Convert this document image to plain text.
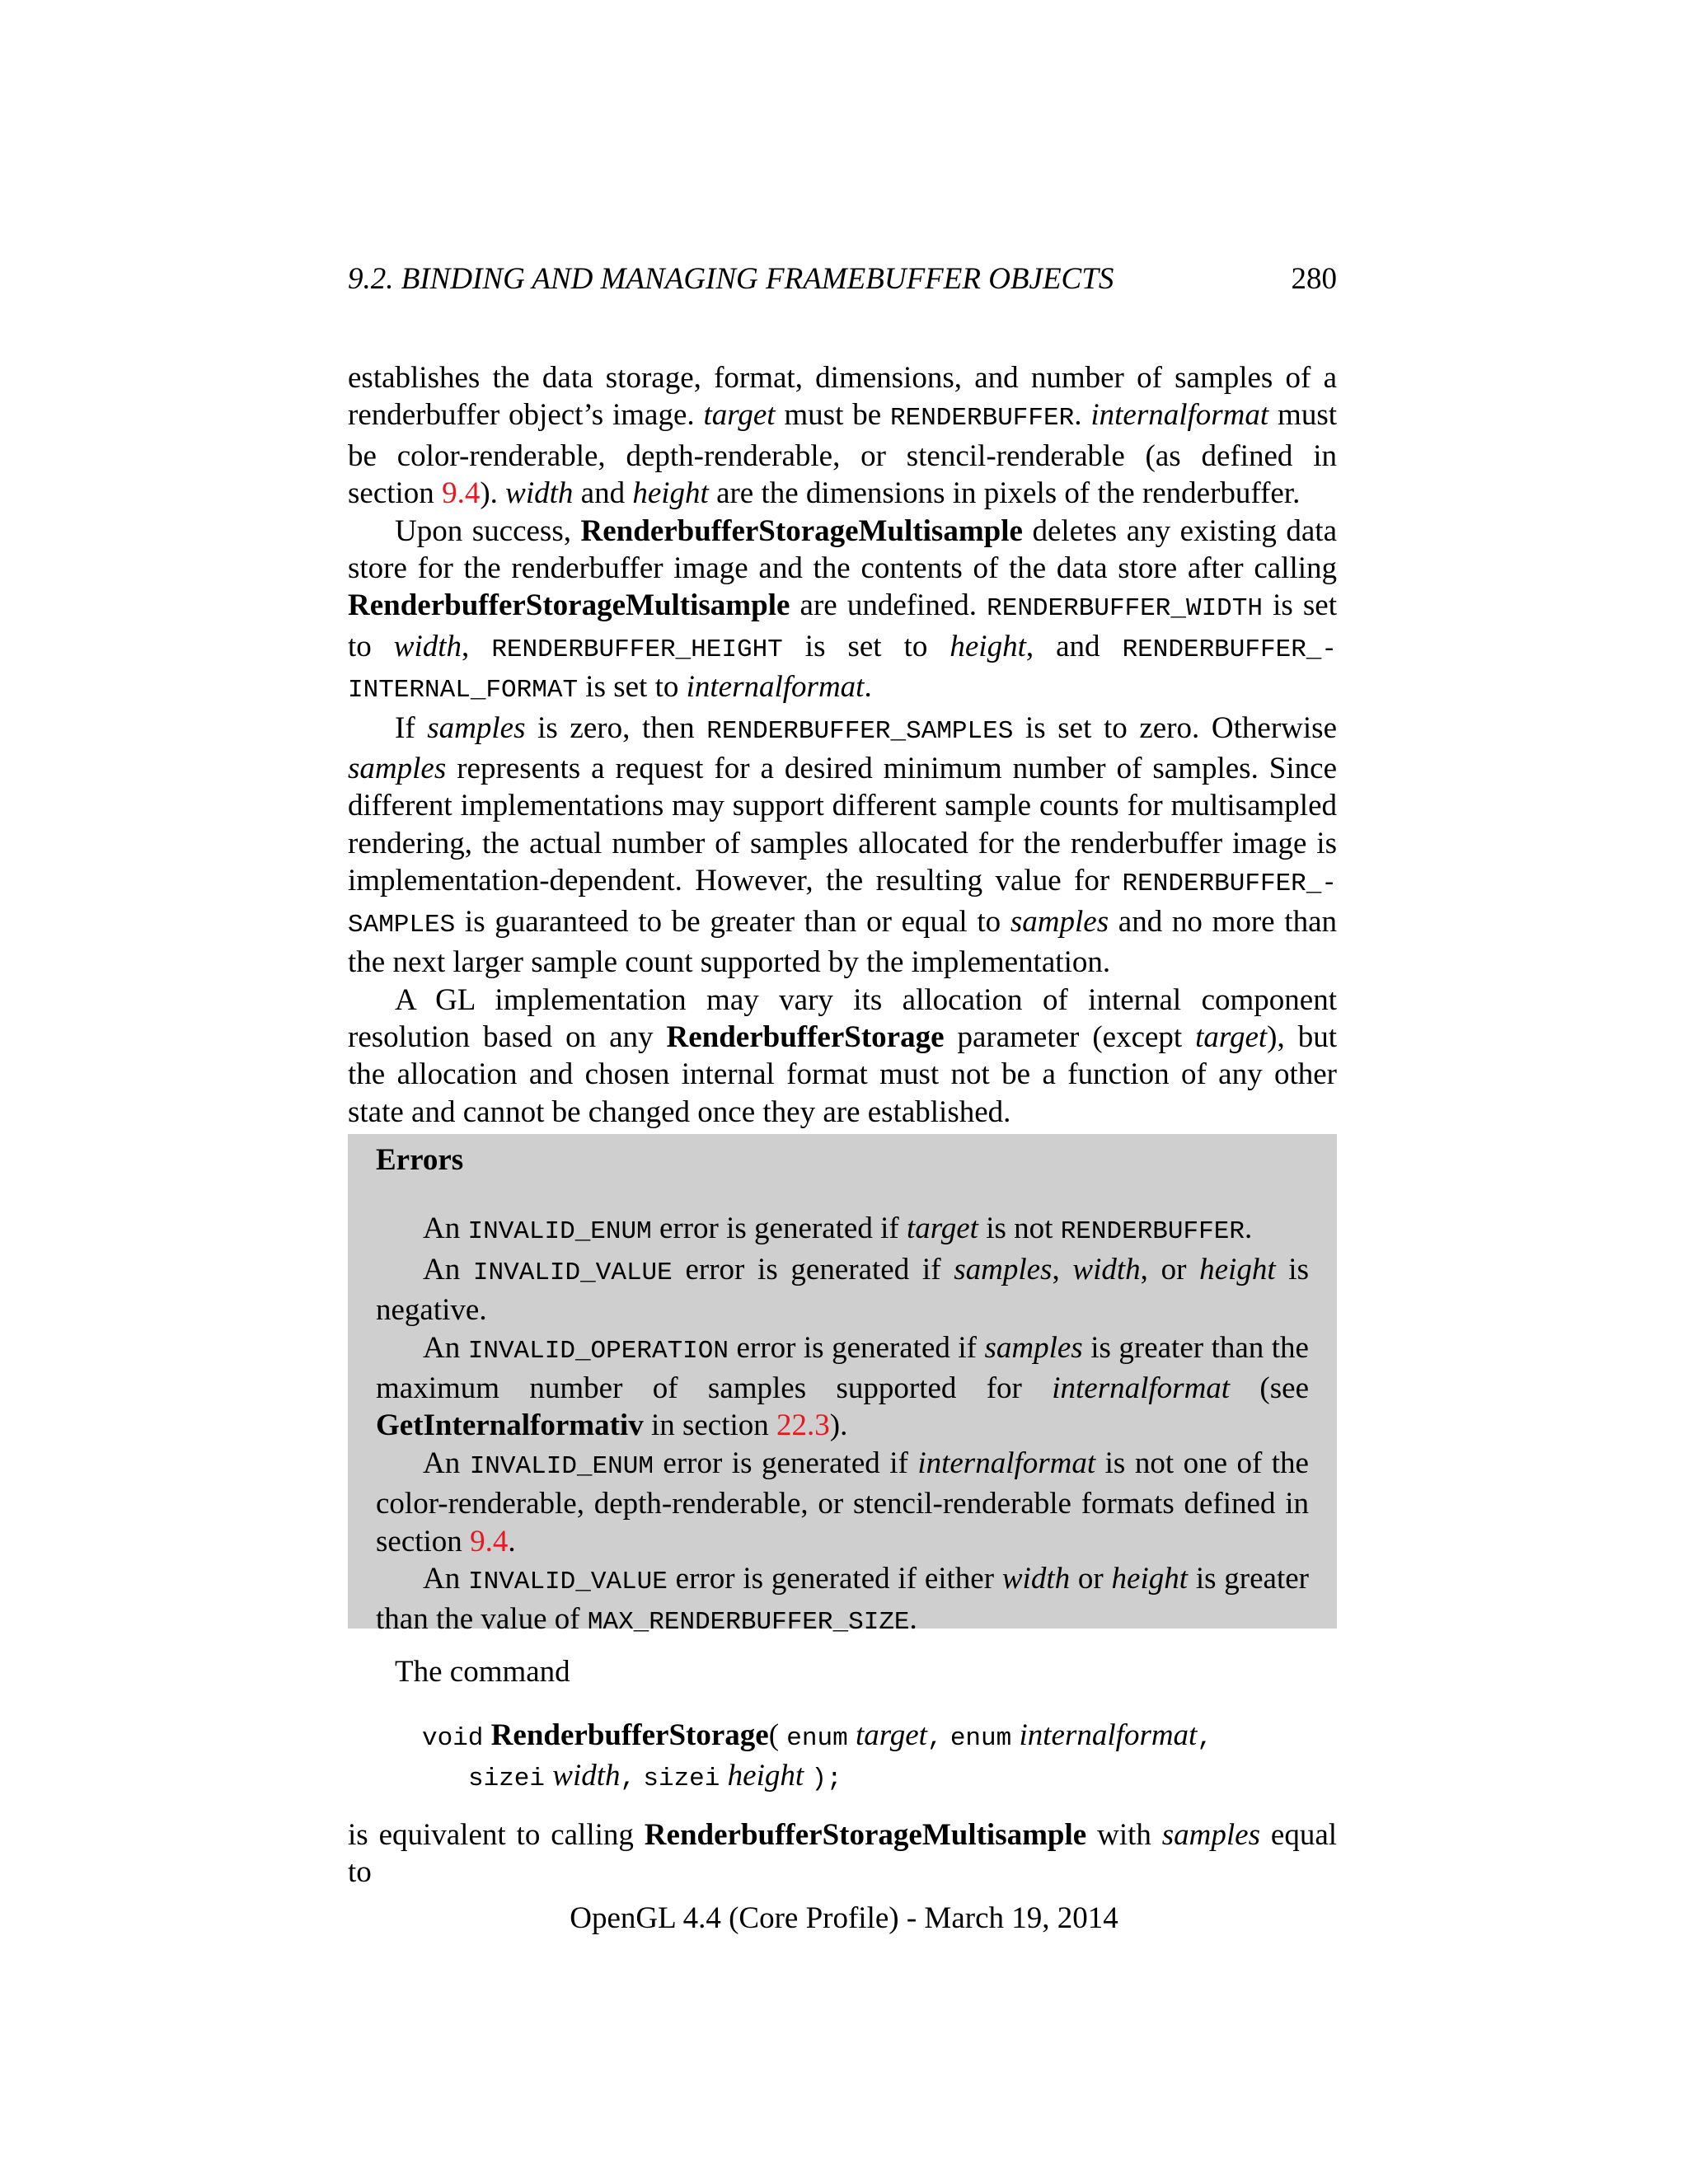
9.2. BINDING AND MANAGING FRAMEBUFFER OBJECTS	280

establishes the data storage, format, dimensions, and number of samples of a renderbuffer object’s image. target must be RENDERBUFFER. internalformat must be color-renderable, depth-renderable, or stencil-renderable (as defined in section 9.4). width and height are the dimensions in pixels of the renderbuffer.

Upon success, RenderbufferStorageMultisample deletes any existing data store for the renderbuffer image and the contents of the data store after calling RenderbufferStorageMultisample are undefined. RENDERBUFFER_WIDTH is set to width, RENDERBUFFER_HEIGHT is set to height, and RENDERBUFFER_-INTERNAL_FORMAT is set to internalformat.

If samples is zero, then RENDERBUFFER_SAMPLES is set to zero. Otherwise samples represents a request for a desired minimum number of samples. Since different implementations may support different sample counts for multisampled rendering, the actual number of samples allocated for the renderbuffer image is implementation-dependent. However, the resulting value for RENDERBUFFER_-SAMPLES is guaranteed to be greater than or equal to samples and no more than the next larger sample count supported by the implementation.

A GL implementation may vary its allocation of internal component resolution based on any RenderbufferStorage parameter (except target), but the allocation and chosen internal format must not be a function of any other state and cannot be changed once they are established.

Errors

An INVALID_ENUM error is generated if target is not RENDERBUFFER.

An INVALID_VALUE error is generated if samples, width, or height is negative.

An INVALID_OPERATION error is generated if samples is greater than the maximum number of samples supported for internalformat (see GetInternalformativ in section 22.3).

An INVALID_ENUM error is generated if internalformat is not one of the color-renderable, depth-renderable, or stencil-renderable formats defined in section 9.4.

An INVALID_VALUE error is generated if either width or height is greater than the value of MAX_RENDERBUFFER_SIZE.

The command
void RenderbufferStorage( enum target, enum internalformat,
sizei width, sizei height );
is equivalent to calling RenderbufferStorageMultisample with samples equal to
OpenGL 4.4 (Core Profile) - March 19, 2014
